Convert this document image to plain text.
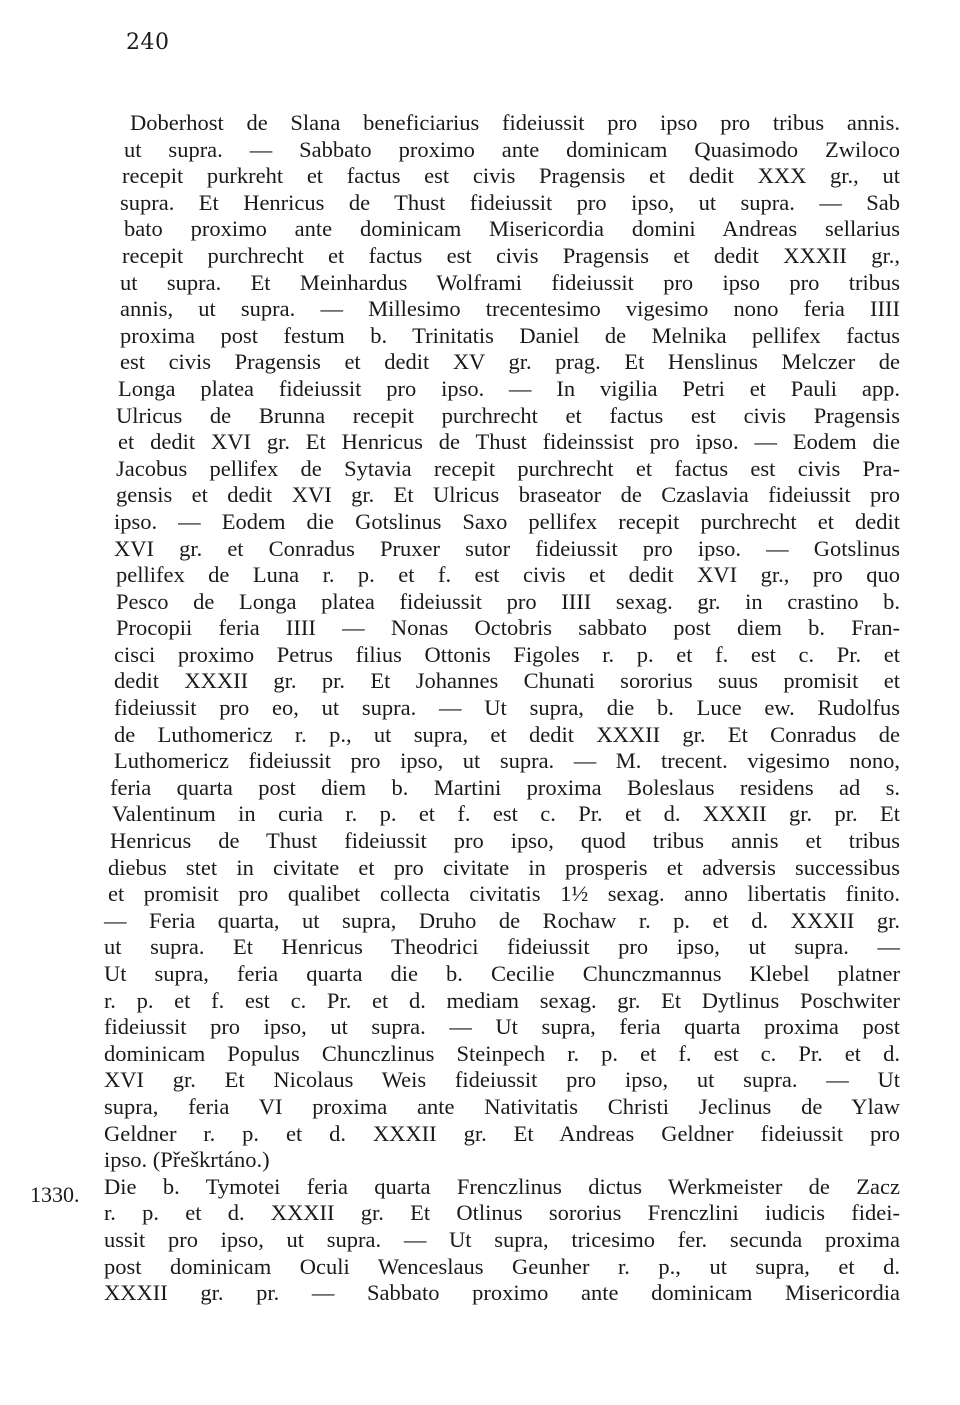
240
Doberhost de Slana beneficiarius fideiussit pro ipso pro tribus annis.
ut supra. — Sabbato proximo ante dominicam Quasimodo Zwiloco
recepit purkreht et factus est civis Pragensis et dedit XXX gr., ut
supra. Et Henricus de Thust fideiussit pro ipso, ut supra. — Sab
bato proximo ante dominicam Misericordia domini Andreas sellarius
recepit purchrecht et factus est civis Pragensis et dedit XXXII gr.,
ut supra. Et Meinhardus Wolframi fideiussit pro ipso pro tribus
annis, ut supra. — Millesimo trecentesimo vigesimo nono feria IIII
proxima post festum b. Trinitatis Daniel de Melnika pellifex factus
est civis Pragensis et dedit XV gr. prag. Et Henslinus Melczer de
Longa platea fideiussit pro ipso. — In vigilia Petri et Pauli app.
Ulricus de Brunna recepit purchrecht et factus est civis Pragensis
et dedit XVI gr. Et Henricus de Thust fideinssist pro ipso. — Eodem die
Jacobus pellifex de Sytavia recepit purchrecht et factus est civis Pra-
gensis et dedit XVI gr. Et Ulricus braseator de Czaslavia fideiussit pro
ipso. — Eodem die Gotslinus Saxo pellifex recepit purchrecht et dedit
XVI gr. et Conradus Pruxer sutor fideiussit pro ipso. — Gotslinus
pellifex de Luna r. p. et f. est civis et dedit XVI gr., pro quo
Pesco de Longa platea fideiussit pro IIII sexag. gr. in crastino b.
Procopii feria IIII — Nonas Octobris sabbato post diem b. Fran-
cisci proximo Petrus filius Ottonis Figoles r. p. et f. est c. Pr. et
dedit XXXII gr. pr. Et Johannes Chunati sororius suus promisit et
fideiussit pro eo, ut supra. — Ut supra, die b. Luce ew. Rudolfus
de Luthomericz r. p., ut supra, et dedit XXXII gr. Et Conradus de
Luthomericz fideiussit pro ipso, ut supra. — M. trecent. vigesimo nono,
feria quarta post diem b. Martini proxima Boleslaus residens ad s.
Valentinum in curia r. p. et f. est c. Pr. et d. XXXII gr. pr. Et
Henricus de Thust fideiussit pro ipso, quod tribus annis et tribus
diebus stet in civitate et pro civitate in prosperis et adversis successibus
et promisit pro qualibet collecta civitatis 1½ sexag. anno libertatis finito.
— Feria quarta, ut supra, Druho de Rochaw r. p. et d. XXXII gr.
ut supra. Et Henricus Theodrici fideiussit pro ipso, ut supra. —
Ut supra, feria quarta die b. Cecilie Chunczmannus Klebel platner
r. p. et f. est c. Pr. et d. mediam sexag. gr. Et Dytlinus Poschwiter
fideiussit pro ipso, ut supra. — Ut supra, feria quarta proxima post
dominicam Populus Chunczlinus Steinpech r. p. et f. est c. Pr. et d.
XVI gr. Et Nicolaus Weis fideiussit pro ipso, ut supra. — Ut
supra, feria VI proxima ante Nativitatis Christi Jeclinus de Ylaw
Geldner r. p. et d. XXXII gr. Et Andreas Geldner fideiussit pro
ipso. (Přeškrtáno.)
Die b. Tymotei feria quarta Frenczlinus dictus Werkmeister de Zacz
r. p. et d. XXXII gr. Et Otlinus sororius Frenczlini iudicis fidei-
ussit pro ipso, ut supra. — Ut supra, tricesimo fer. secunda proxima
post dominicam Oculi Wenceslaus Geunher r. p., ut supra, et d.
XXXII gr. pr. — Sabbato proximo ante dominicam Misericordia
1330.
